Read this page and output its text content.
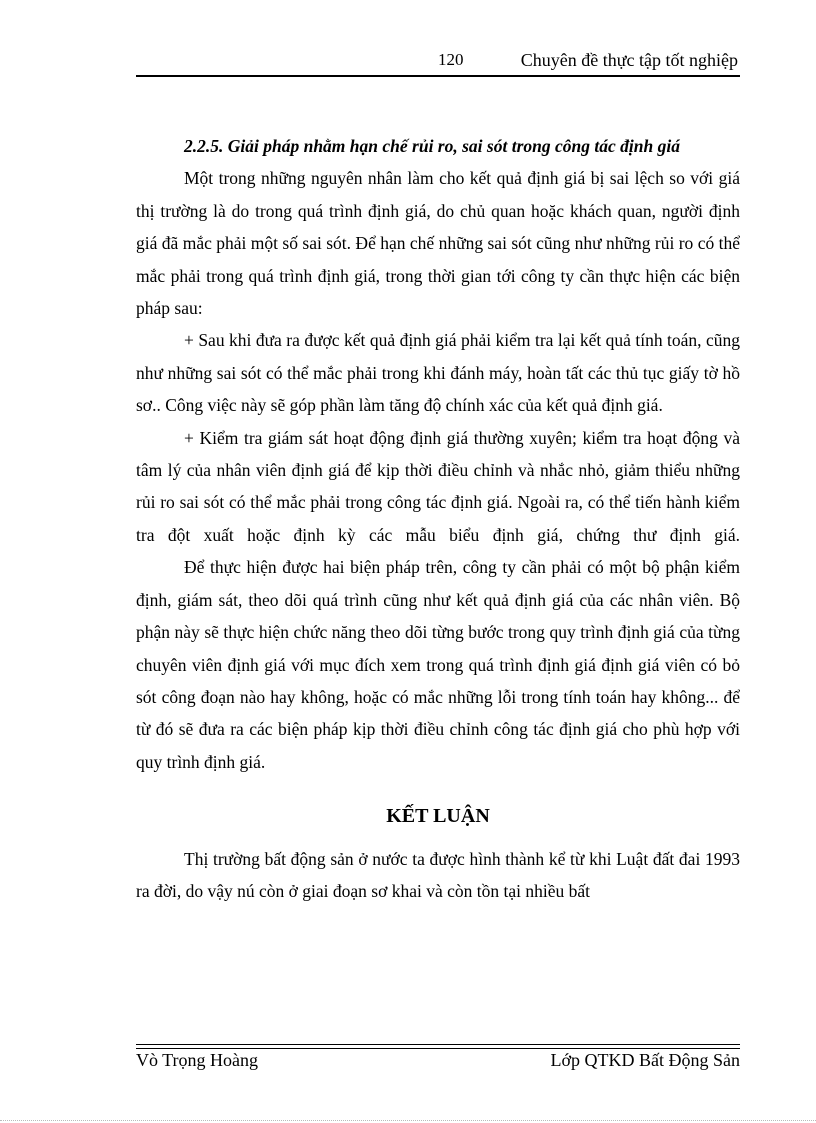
120	Chuyên đề thực tập tốt nghiệp

2.2.5. Giải pháp nhằm hạn chế rủi ro, sai sót trong công tác định giá

Một trong những nguyên nhân làm cho kết quả định giá bị sai lệch so với giá thị trường là do trong quá trình định giá, do chủ quan hoặc khách quan, người định giá đã mắc phải một số sai sót. Để hạn chế những sai sót cũng như những rủi ro có thể mắc phải trong quá trình định giá, trong thời gian tới công ty cần thực hiện các biện pháp sau:

+ Sau khi đưa ra được kết quả định giá phải kiểm tra lại kết quả tính toán, cũng như những sai sót có thể mắc phải trong khi đánh máy, hoàn tất các thủ tục giấy tờ hồ sơ.. Công việc này sẽ góp phần làm tăng độ chính xác của kết quả định giá.

+ Kiểm tra giám sát hoạt động định giá thường xuyên; kiểm tra hoạt động và tâm lý của nhân viên định giá để kịp thời điều chỉnh và nhắc nhỏ, giảm thiểu những rủi ro sai sót có thể mắc phải trong công tác định giá. Ngoài ra, có thể tiến hành kiểm tra đột xuất hoặc định kỳ các mẫu biểu định giá, chứng thư định giá.

Để thực hiện được hai biện pháp trên, công ty cần phải có một bộ phận kiểm định, giám sát, theo dõi quá trình cũng như kết quả định giá của các nhân viên. Bộ phận này sẽ thực hiện chức năng theo dõi từng bước trong quy trình định giá của từng chuyên viên định giá với mục đích xem trong quá trình định giá định giá viên có bỏ sót công đoạn nào hay không, hoặc có mắc những lỗi trong tính toán hay không... để từ đó sẽ đưa ra các biện pháp kịp thời điều chỉnh công tác định giá cho phù hợp với quy trình định giá.

KẾT LUẬN

Thị trường bất động sản ở nước ta được hình thành kể từ khi Luật đất đai 1993 ra đời, do vậy nú còn ở giai đoạn sơ khai và còn tồn tại nhiều bất

Vò Trọng Hoàng	Lớp QTKD Bất Động Sản
